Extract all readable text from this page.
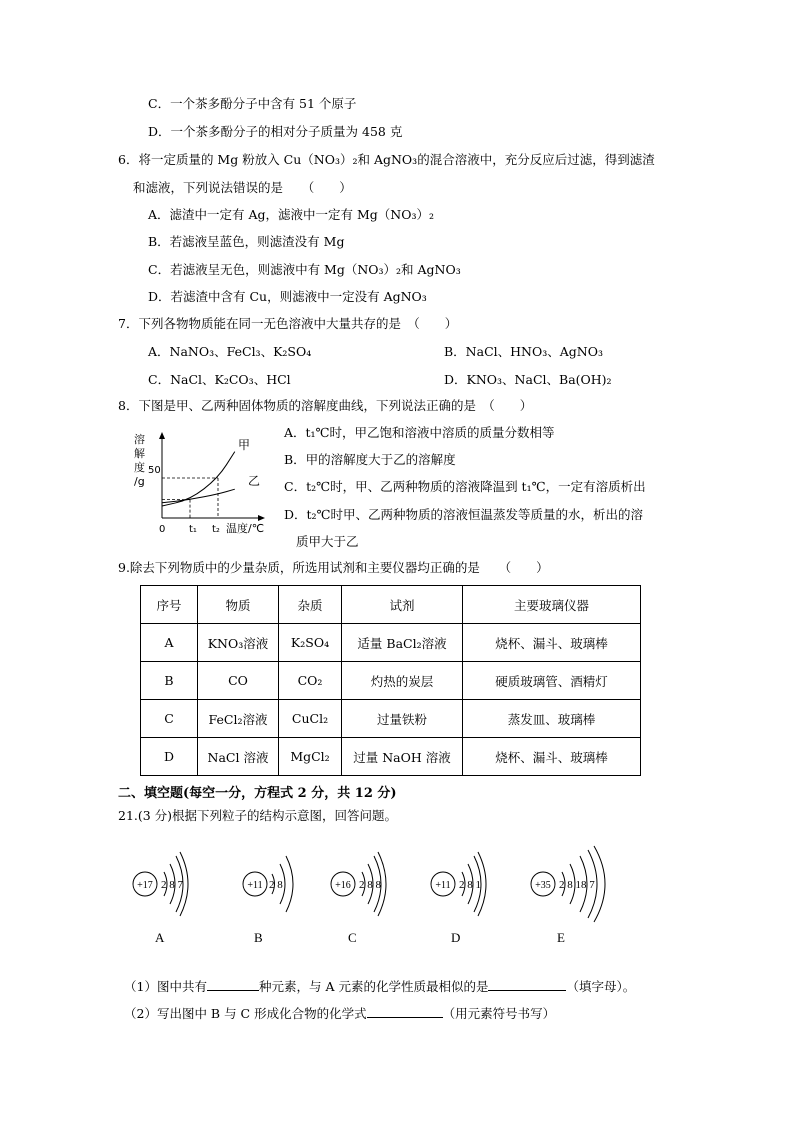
C．一个茶多酚分子中含有 51 个原子
D．一个茶多酚分子的相对分子质量为 458 克
6．将一定质量的 Mg 粉放入 Cu（NO₃）₂和 AgNO₃的混合溶液中，充分反应后过滤，得到滤渣
和滤液，下列说法错误的是　　（　　）
A．滤渣中一定有 Ag，滤液中一定有 Mg（NO₃）₂
B．若滤液呈蓝色，则滤渣没有 Mg
C．若滤液呈无色，则滤液中有 Mg（NO₃）₂和 AgNO₃
D．若滤渣中含有 Cu，则滤液中一定没有 AgNO₃
7．下列各物物质能在同一无色溶液中大量共存的是　（　　）
A．NaNO₃、FeCl₃、K₂SO₄	B．NaCl、HNO₃、AgNO₃
C．NaCl、K₂CO₃、HCl	D．KNO₃、NaCl、Ba(OH)₂
8．下图是甲、乙两种固体物质的溶解度曲线，下列说法正确的是　（　　）
溶
解
度
/g
50
甲
乙
0 t₁ t₂ 温度/℃
A．t₁℃时，甲乙饱和溶液中溶质的质量分数相等
B．甲的溶解度大于乙的溶解度
C．t₂℃时，甲、乙两种物质的溶液降温到 t₁℃，一定有溶质析出
D．t₂℃时甲、乙两种物质的溶液恒温蒸发等质量的水，析出的溶
质甲大于乙
9.除去下列物质中的少量杂质，所选用试剂和主要仪器均正确的是　　（　　）
序号	物质	杂质	试剂	主要玻璃仪器
A	KNO₃溶液	K₂SO₄	适量 BaCl₂溶液	烧杯、漏斗、玻璃棒
B	CO	CO₂	灼热的炭层	硬质玻璃管、酒精灯
C	FeCl₂溶液	CuCl₂	过量铁粉	蒸发皿、玻璃棒
D	NaCl 溶液	MgCl₂	过量 NaOH 溶液	烧杯、漏斗、玻璃棒
二、填空题(每空一分，方程式 2 分，共 12 分)
21.(3 分)根据下列粒子的结构示意图，回答问题。
+17 2 8 7	+11 2 8	+16 2 8 8	+11 2 8 1	+35 2 8 18 7
A	B	C	D	E
（1）图中共有	种元素，与 A 元素的化学性质最相似的是	（填字母）。
（2）写出图中 B 与 C 形成化合物的化学式	（用元素符号书写）
